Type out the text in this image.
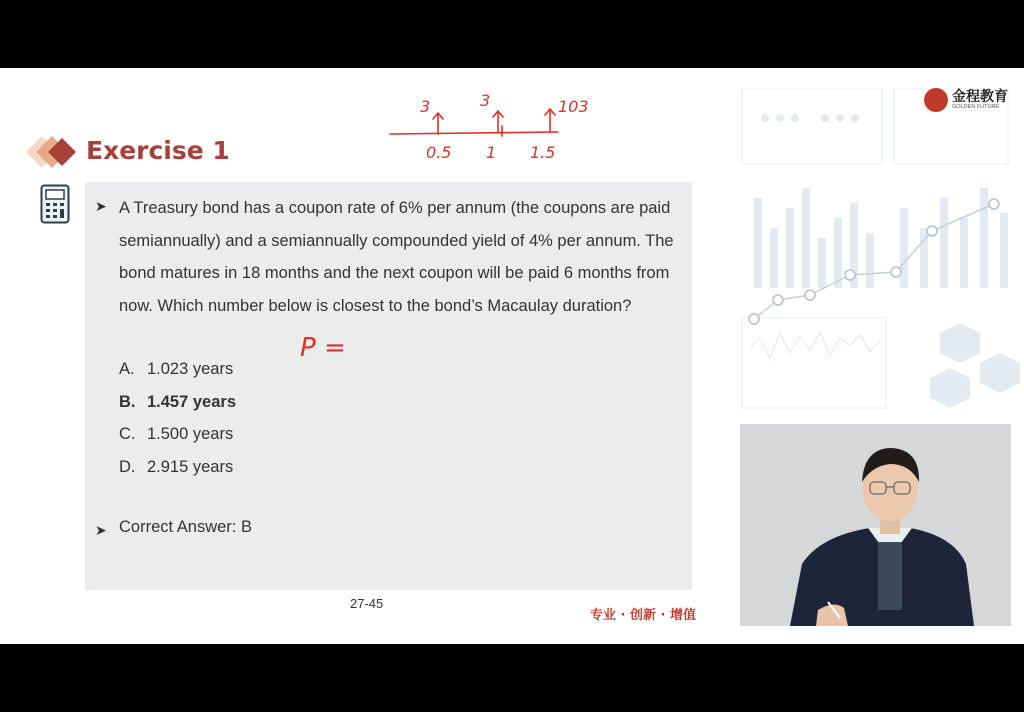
金程教育
GOLDEN FUTURE
Exercise 1
3	3	103
0.5 1 1.5
➤ A Treasury bond has a coupon rate of 6% per annum (the coupons are paid semiannually) and a semiannually compounded yield of 4% per annum. The bond matures in 18 months and the next coupon will be paid 6 months from now. Which number below is closest to the bond’s Macaulay duration?
A. 1.023 years
B. 1.457 years
C. 1.500 years
D. 2.915 years
➤ Correct Answer: B
P =
27-45
专业 · 创新 · 增值
